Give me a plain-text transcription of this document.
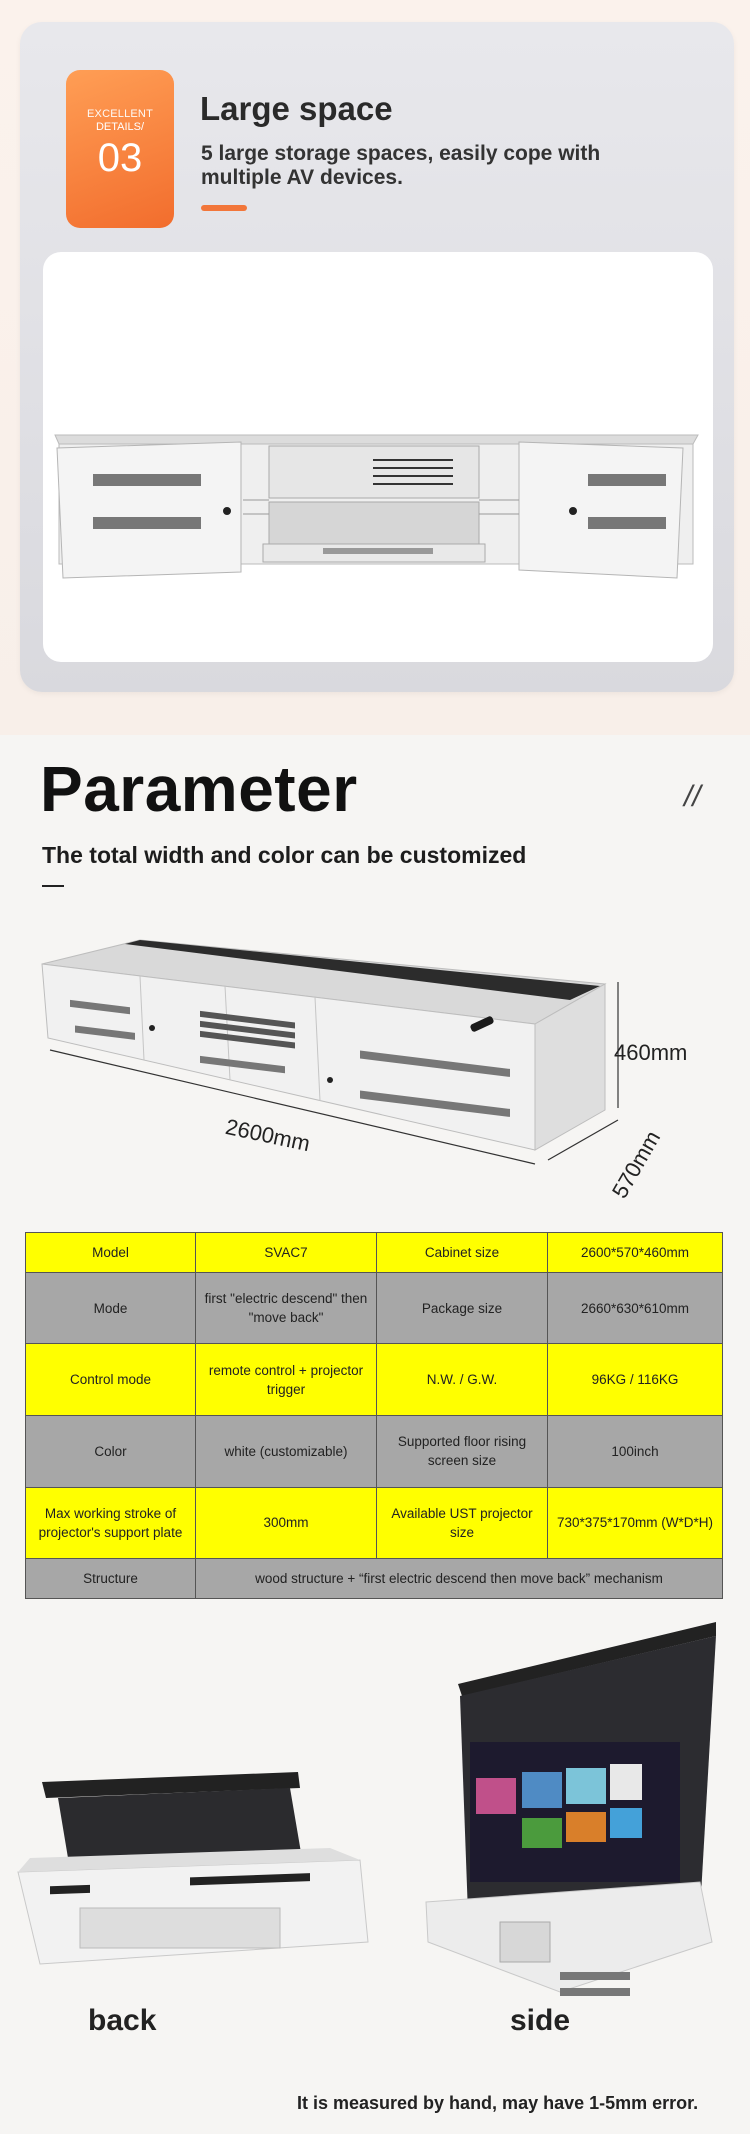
EXCELLENT
DETAILS/
03
Large space
5 large storage spaces, easily cope with multiple AV devices.
Parameter	//
The total width and color can be customized
2600mm
460mm
570mm
Model	SVAC7	Cabinet size	2600*570*460mm
Mode	first "electric descend" then "move back"	Package size	2660*630*610mm
Control mode	remote control + projector trigger	N.W. / G.W.	96KG / 116KG
Color	white (customizable)	Supported floor rising screen size	100inch
Max working stroke of projector's support plate	300mm	Available UST projector size	730*375*170mm (W*D*H)
Structure	wood structure + “first electric descend then move back” mechanism		
back	side
It is measured by hand, may have 1-5mm error.
